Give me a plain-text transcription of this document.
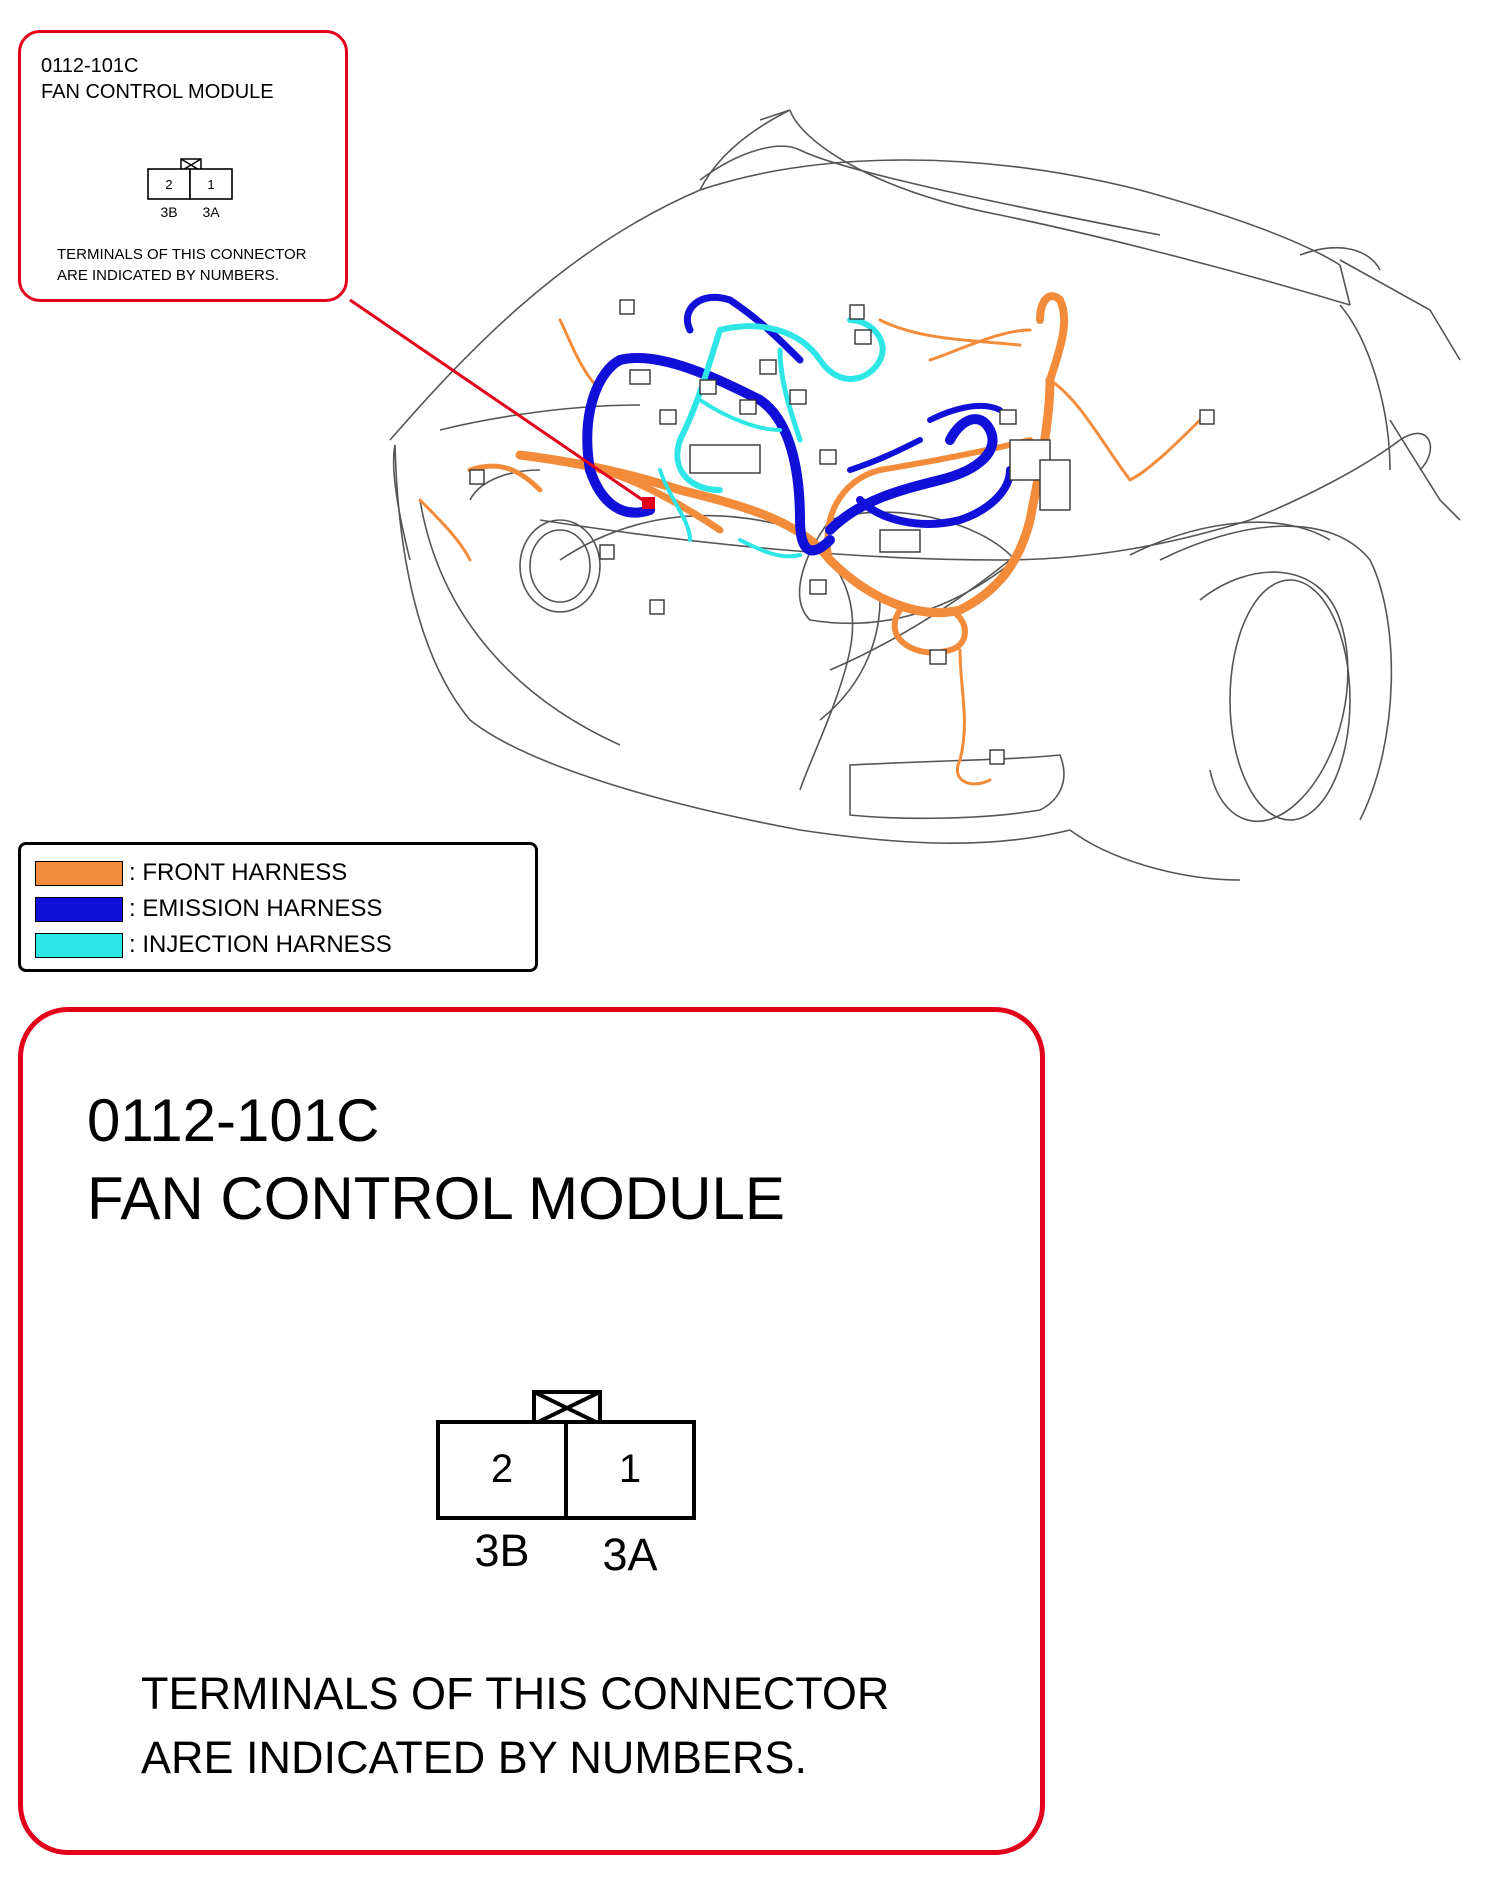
0112-101C
FAN CONTROL MODULE
2	1
3B 3A
TERMINALS OF THIS CONNECTOR
ARE INDICATED BY NUMBERS.
: FRONT HARNESS
: EMISSION HARNESS
: INJECTION HARNESS
0112-101C
FAN CONTROL MODULE
2	1
3B 3A
TERMINALS OF THIS CONNECTOR
ARE INDICATED BY NUMBERS.
